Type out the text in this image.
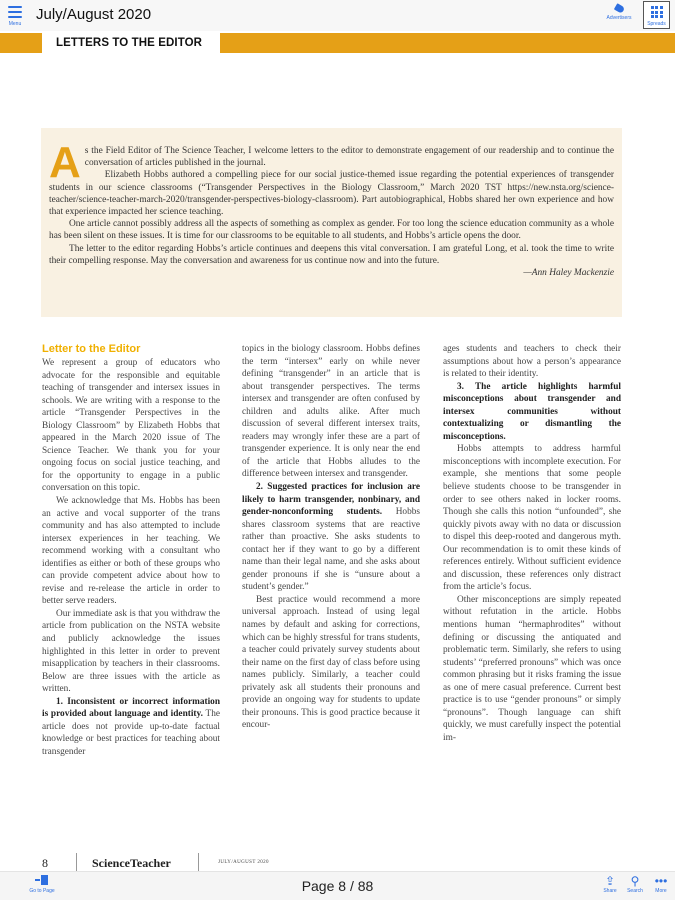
Menu
July/August 2020	Advertisers
Spreads
LETTERS TO THE EDITOR
A s the Field Editor of The Science Teacher, I welcome letters to the editor to demonstrate engagement of our readership and to continue the conversation of articles published in the journal.

Elizabeth Hobbs authored a compelling piece for our social justice-themed issue regarding the potential experiences of transgender students in our science classrooms (“Transgender Perspectives in the Biology Classroom,” March 2020 TST https://new.nsta.org/science-teacher/science-teacher-march-2020/transgender-perspectives-biology-classroom). Part autobiographical, Hobbs shared her own experience and how that experience impacted her science teaching.

One article cannot possibly address all the aspects of something as complex as gender. For too long the science education community as a whole has been silent on these issues. It is time for our classrooms to be equitable to all students, and Hobbs’s article opens the door.

The letter to the editor regarding Hobbs’s article continues and deepens this vital conversation. I am grateful Long, et al. took the time to write their compelling response. May the conversation and awareness for us continue now and into the future.

—Ann Haley Mackenzie

Letter to the Editor

We represent a group of educators who advocate for the responsible and equitable teaching of transgender and intersex issues in schools. We are writing with a response to the article “Transgender Perspectives in the Biology Classroom” by Elizabeth Hobbs that appeared in the March 2020 issue of The Science Teacher. We thank you for your ongoing focus on social justice teaching, and for the opportunity to engage in a public conversation on this topic.

We acknowledge that Ms. Hobbs has been an active and vocal supporter of the trans community and has also attempted to include intersex experiences in her teaching. We recommend working with a consultant who identifies as either or both of these groups who can provide competent advice about how to revise and re-release the article in order to better serve readers.

Our immediate ask is that you withdraw the article from publication on the NSTA website and publicly acknowledge the issues highlighted in this letter in order to prevent misapplication by teachers in their classrooms. Below are three issues with the article as written.

1. Inconsistent or incorrect information is provided about language and identity. The article does not provide up-to-date factual knowledge or best practices for teaching about transgender

topics in the biology classroom. Hobbs defines the term “intersex” early on while never defining “transgender” in an article that is about transgender perspectives. The terms intersex and transgender are often confused by children and adults alike. After much discussion of several different intersex traits, readers may wrongly infer these are a part of transgender experience. It is only near the end of the article that Hobbs alludes to the difference between intersex and transgender.

2. Suggested practices for inclusion are likely to harm transgender, nonbinary, and gender-nonconforming students. Hobbs shares classroom systems that are reactive rather than proactive. She asks students to contact her if they want to go by a different name than their legal name, and she asks about gender pronouns if she is “unsure about a student’s gender.”

Best practice would recommend a more universal approach. Instead of using legal names by default and asking for corrections, which can be highly stressful for trans students, a teacher could privately survey students about their name on the first day of class before using names publicly. Similarly, a teacher could privately ask all students their pronouns and provide an ongoing way for students to update their pronouns. This is good practice because it encour-

ages students and teachers to check their assumptions about how a person’s appearance is related to their identity.

3. The article highlights harmful misconceptions about transgender and intersex communities without contextualizing or dismantling the misconceptions.

Hobbs attempts to address harmful misconceptions with incomplete execution. For example, she mentions that some people believe students choose to be transgender in order to see others naked in locker rooms. Though she calls this notion “unfounded”, she quickly pivots away with no data or discussion to dispel this deep-rooted and dangerous myth. Our recommendation is to omit these kinds of references entirely. Without sufficient evidence and discussion, these references only distract from the article’s focus.

Other misconceptions are simply repeated without refutation in the article. Hobbs mentions human “hermaphrodites” without defining or discussing the antiquated and problematic term. Similarly, she refers to using students’ “preferred pronouns” which was once common phrasing but it risks framing the issue as one of mere casual preference. Current best practice is to use “gender pronouns” or simply “pronouns”. Though language can shift quickly, we must carefully inspect the potential im-

8	ScienceTeacher	JULY/AUGUST 2020
Go to Page	Page 8 / 88	⇪
Share
⚲
Search
•••
More
